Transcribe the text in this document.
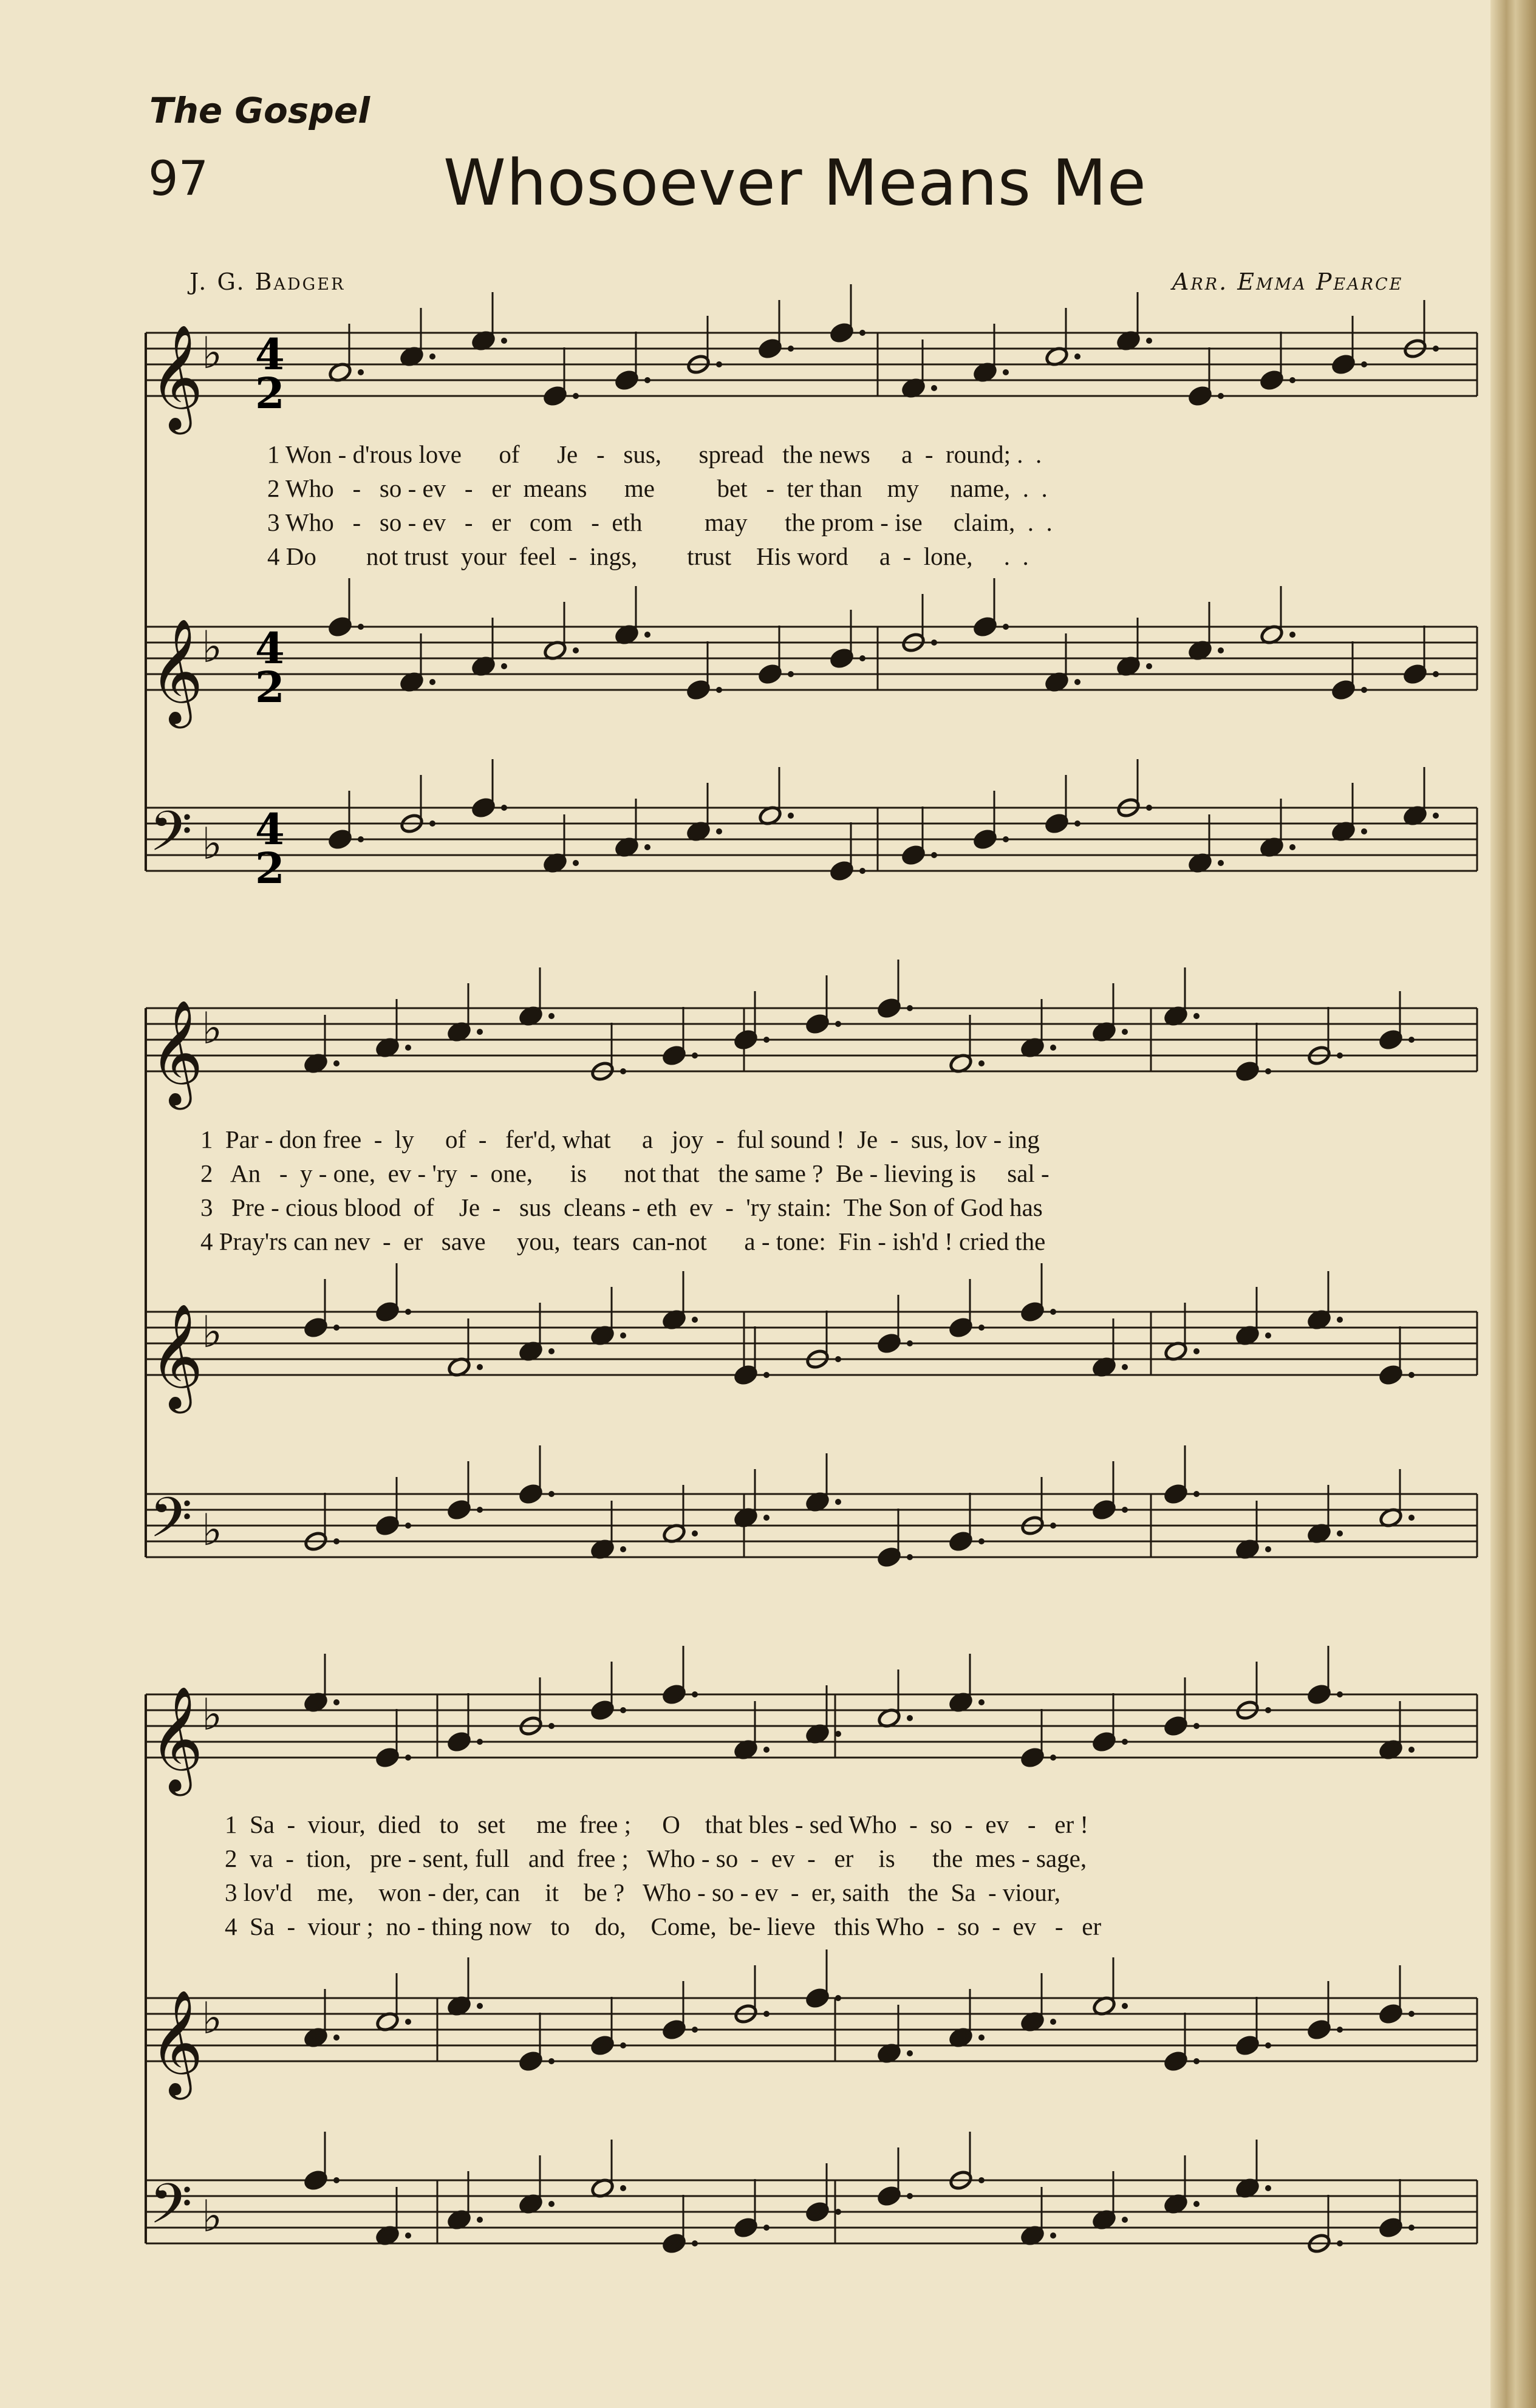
The Gospel
97	Whosoever Means Me
J. G. Badger	Arr. Emma Pearce
𝄞
♭
𝄞
♭
𝄢 ♭
𝄞
♭
𝄞
♭
𝄢 ♭
𝄞
♭
𝄞
♭
𝄢 ♭
4
2
4
2
4
2
1 Won - d'rous love      of      Je   -   sus,      spread   the news     a  -  round; .  .
2 Who   -   so - ev   -   er  means      me          bet   -  ter than    my     name,  .  .
3 Who   -   so - ev   -   er   com   -  eth          may      the prom - ise     claim,  .  .
4 Do        not trust  your  feel  -  ings,        trust    His word     a  -  lone,     .  .
1  Par - don free  -  ly     of  -   fer'd, what     a   joy  -  ful sound !  Je  -  sus, lov - ing
2   An   -  y - one,  ev - 'ry  -  one,      is      not that   the same ?  Be - lieving is     sal -
3   Pre - cious blood  of    Je  -   sus  cleans - eth  ev  -  'ry stain:  The Son of God has
4 Pray'rs can nev  -  er   save     you,  tears  can-not      a - tone:  Fin - ish'd ! cried the
1  Sa  -  viour,  died   to   set     me  free ;     O    that bles - sed Who  -  so  -  ev   -   er !
2  va  -  tion,   pre - sent, full   and  free ;   Who - so  -  ev  -   er    is      the  mes - sage,
3 lov'd    me,    won - der, can    it    be ?   Who - so - ev  -  er, saith   the  Sa  - viour,
4  Sa  -  viour ;  no - thing now   to    do,    Come,  be- lieve   this Who  -  so  -  ev   -   er
